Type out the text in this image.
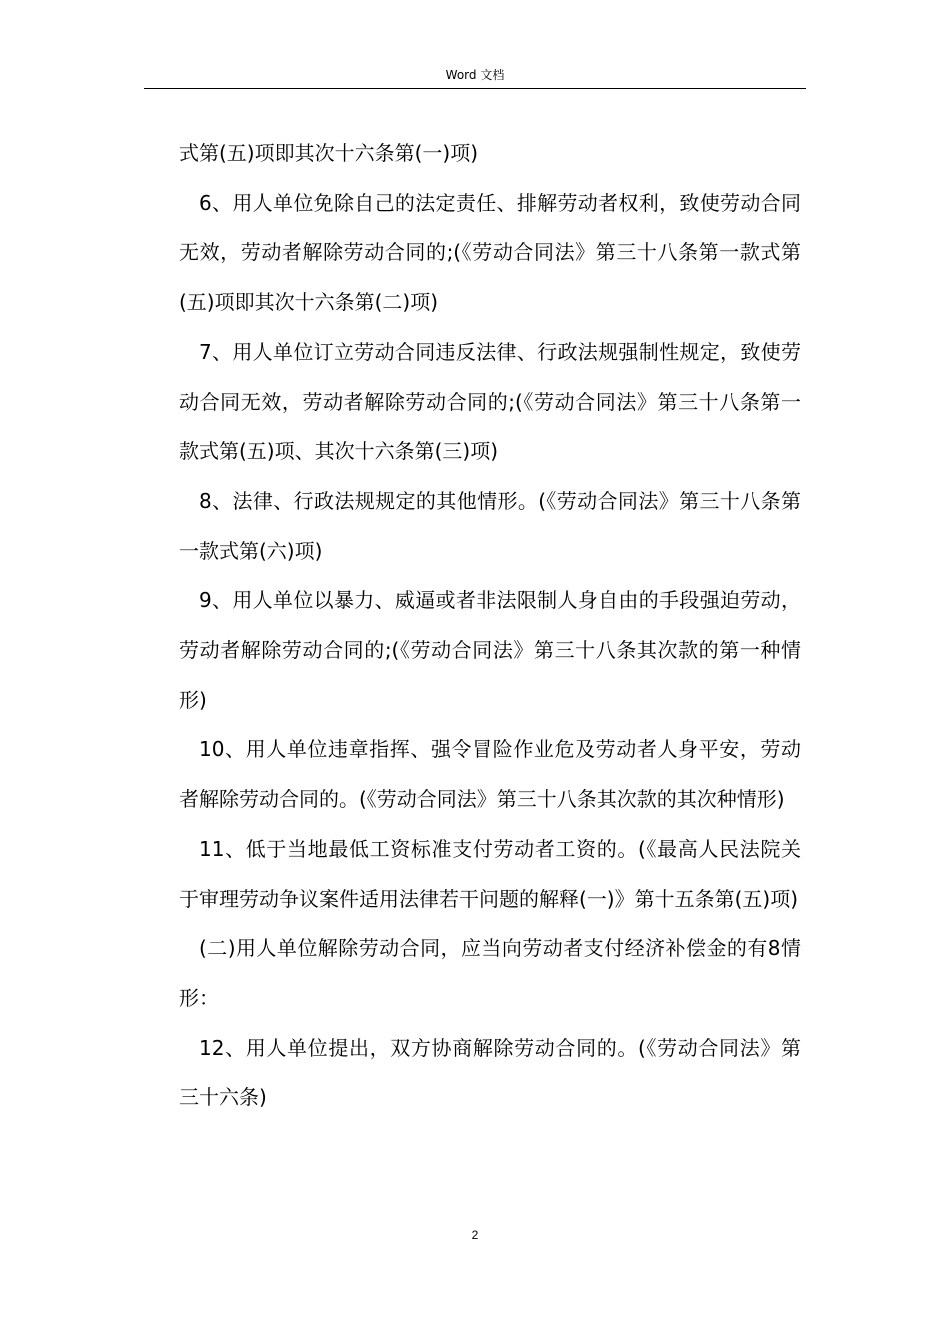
Word 文档

式第(五)项即其次十六条第(一)项)

6、用人单位免除自己的法定责任、排解劳动者权利，致使劳动合同无效，劳动者解除劳动合同的;(《劳动合同法》第三十八条第一款式第(五)项即其次十六条第(二)项)

7、用人单位订立劳动合同违反法律、行政法规强制性规定，致使劳动合同无效，劳动者解除劳动合同的;(《劳动合同法》第三十八条第一款式第(五)项、其次十六条第(三)项)

8、法律、行政法规规定的其他情形。(《劳动合同法》第三十八条第一款式第(六)项)

9、用人单位以暴力、威逼或者非法限制人身自由的手段强迫劳动，劳动者解除劳动合同的;(《劳动合同法》第三十八条其次款的第一种情形)

10、用人单位违章指挥、强令冒险作业危及劳动者人身平安，劳动者解除劳动合同的。(《劳动合同法》第三十八条其次款的其次种情形)

11、低于当地最低工资标准支付劳动者工资的。(《最高人民法院关于审理劳动争议案件适用法律若干问题的解释(一)》第十五条第(五)项)

(二)用人单位解除劳动合同，应当向劳动者支付经济补偿金的有8情形：

12、用人单位提出，双方协商解除劳动合同的。(《劳动合同法》第三十六条)

2
